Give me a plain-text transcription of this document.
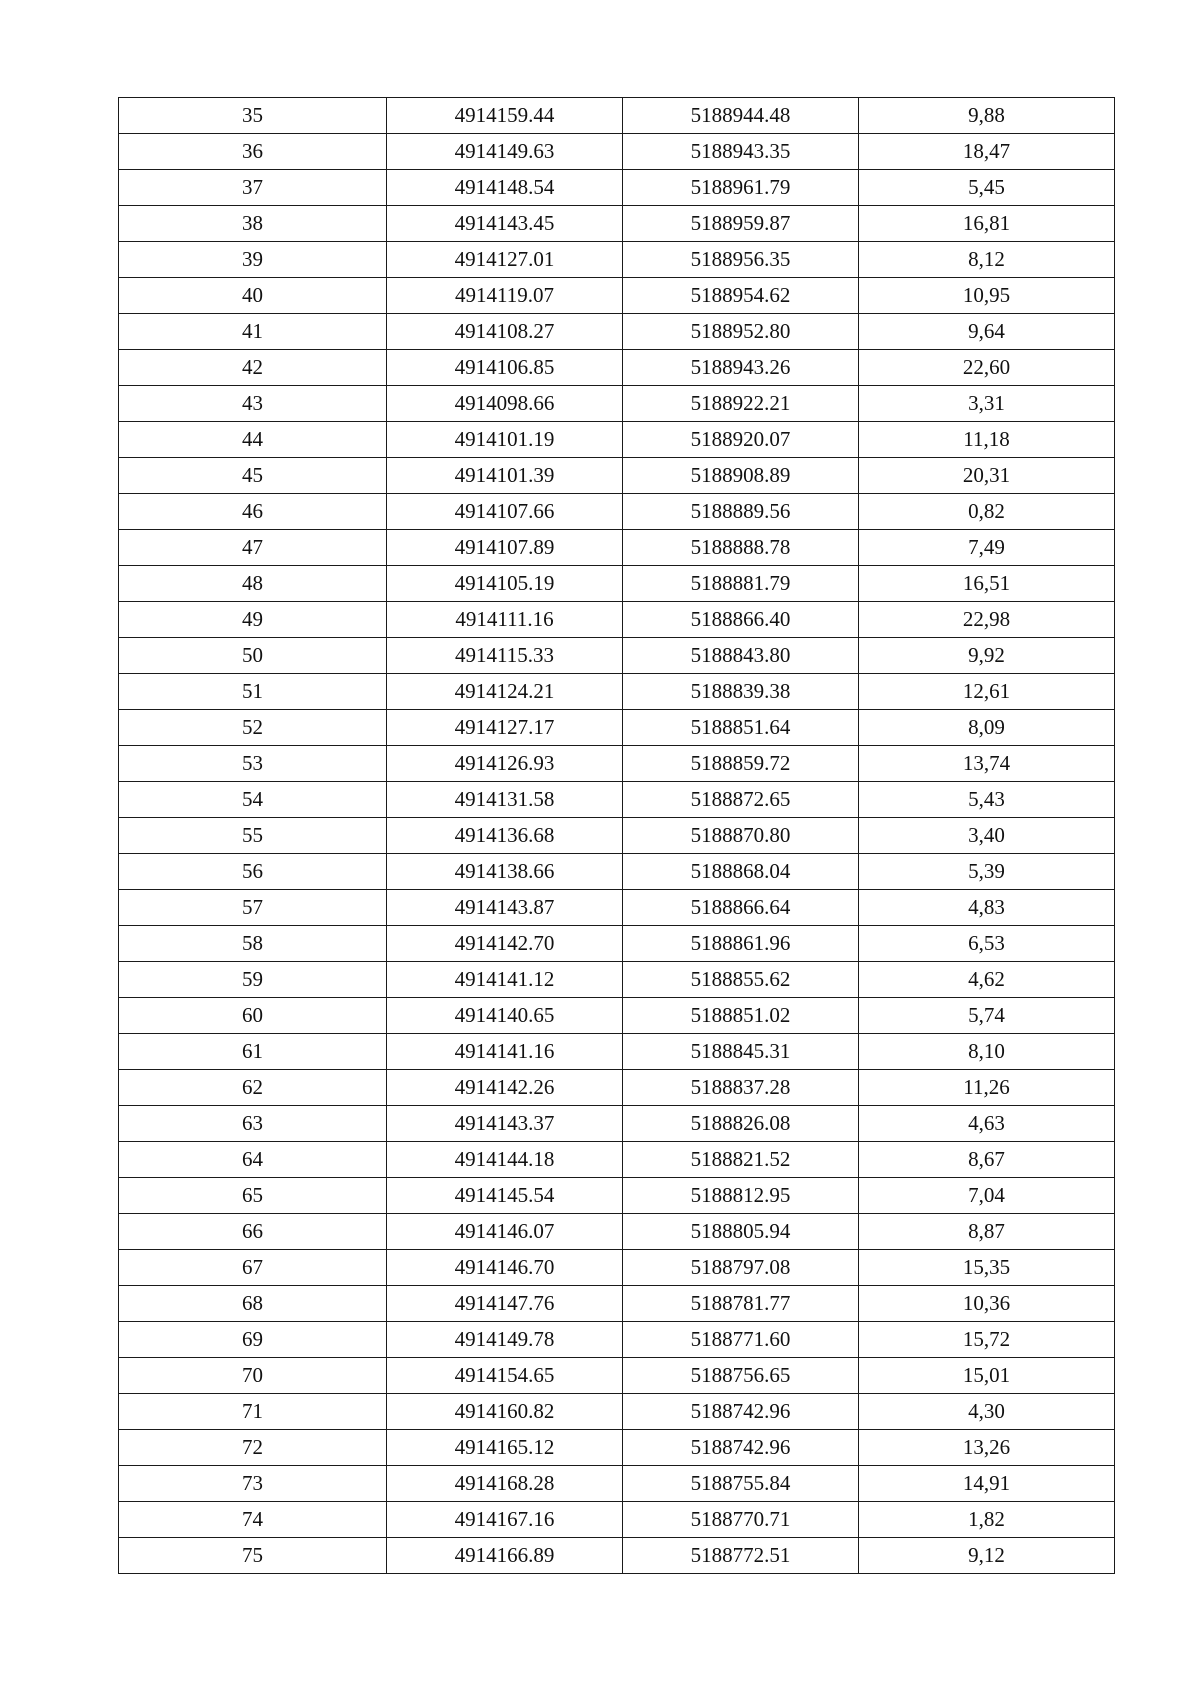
35	4914159.44	5188944.48	9,88
36	4914149.63	5188943.35	18,47
37	4914148.54	5188961.79	5,45
38	4914143.45	5188959.87	16,81
39	4914127.01	5188956.35	8,12
40	4914119.07	5188954.62	10,95
41	4914108.27	5188952.80	9,64
42	4914106.85	5188943.26	22,60
43	4914098.66	5188922.21	3,31
44	4914101.19	5188920.07	11,18
45	4914101.39	5188908.89	20,31
46	4914107.66	5188889.56	0,82
47	4914107.89	5188888.78	7,49
48	4914105.19	5188881.79	16,51
49	4914111.16	5188866.40	22,98
50	4914115.33	5188843.80	9,92
51	4914124.21	5188839.38	12,61
52	4914127.17	5188851.64	8,09
53	4914126.93	5188859.72	13,74
54	4914131.58	5188872.65	5,43
55	4914136.68	5188870.80	3,40
56	4914138.66	5188868.04	5,39
57	4914143.87	5188866.64	4,83
58	4914142.70	5188861.96	6,53
59	4914141.12	5188855.62	4,62
60	4914140.65	5188851.02	5,74
61	4914141.16	5188845.31	8,10
62	4914142.26	5188837.28	11,26
63	4914143.37	5188826.08	4,63
64	4914144.18	5188821.52	8,67
65	4914145.54	5188812.95	7,04
66	4914146.07	5188805.94	8,87
67	4914146.70	5188797.08	15,35
68	4914147.76	5188781.77	10,36
69	4914149.78	5188771.60	15,72
70	4914154.65	5188756.65	15,01
71	4914160.82	5188742.96	4,30
72	4914165.12	5188742.96	13,26
73	4914168.28	5188755.84	14,91
74	4914167.16	5188770.71	1,82
75	4914166.89	5188772.51	9,12
